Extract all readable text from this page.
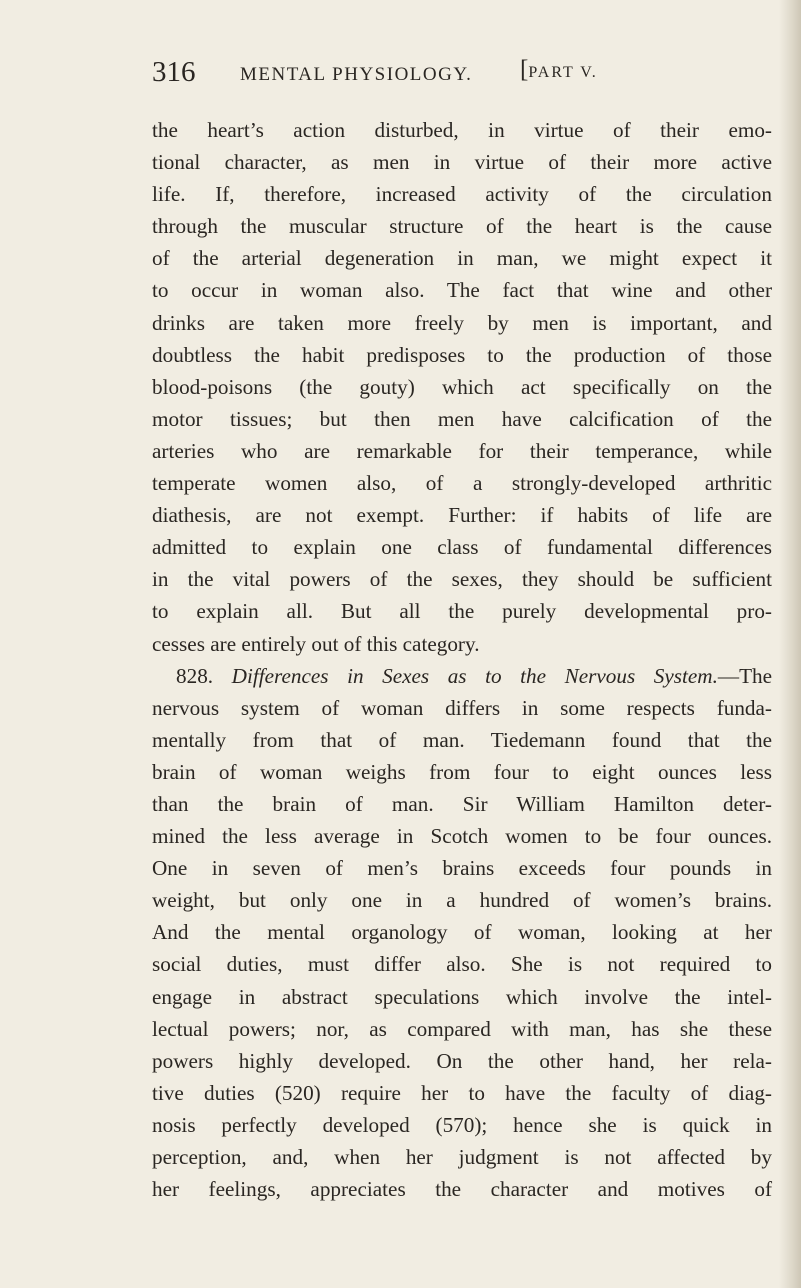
316 MENTAL PHYSIOLOGY. [PART V.
the heart’s action disturbed, in virtue of their emo-
tional character, as men in virtue of their more active
life. If, therefore, increased activity of the circulation
through the muscular structure of the heart is the cause
of the arterial degeneration in man, we might expect it
to occur in woman also. The fact that wine and other
drinks are taken more freely by men is important, and
doubtless the habit predisposes to the production of those
blood-poisons (the gouty) which act specifically on the
motor tissues; but then men have calcification of the
arteries who are remarkable for their temperance, while
temperate women also, of a strongly-developed arthritic
diathesis, are not exempt. Further: if habits of life are
admitted to explain one class of fundamental differences
in the vital powers of the sexes, they should be sufficient
to explain all. But all the purely developmental pro-
cesses are entirely out of this category.
828. Differences in Sexes as to the Nervous System.—The
nervous system of woman differs in some respects funda-
mentally from that of man. Tiedemann found that the
brain of woman weighs from four to eight ounces less
than the brain of man. Sir William Hamilton deter-
mined the less average in Scotch women to be four ounces.
One in seven of men’s brains exceeds four pounds in
weight, but only one in a hundred of women’s brains.
And the mental organology of woman, looking at her
social duties, must differ also. She is not required to
engage in abstract speculations which involve the intel-
lectual powers; nor, as compared with man, has she these
powers highly developed. On the other hand, her rela-
tive duties (520) require her to have the faculty of diag-
nosis perfectly developed (570); hence she is quick in
perception, and, when her judgment is not affected by
her feelings, appreciates the character and motives of
